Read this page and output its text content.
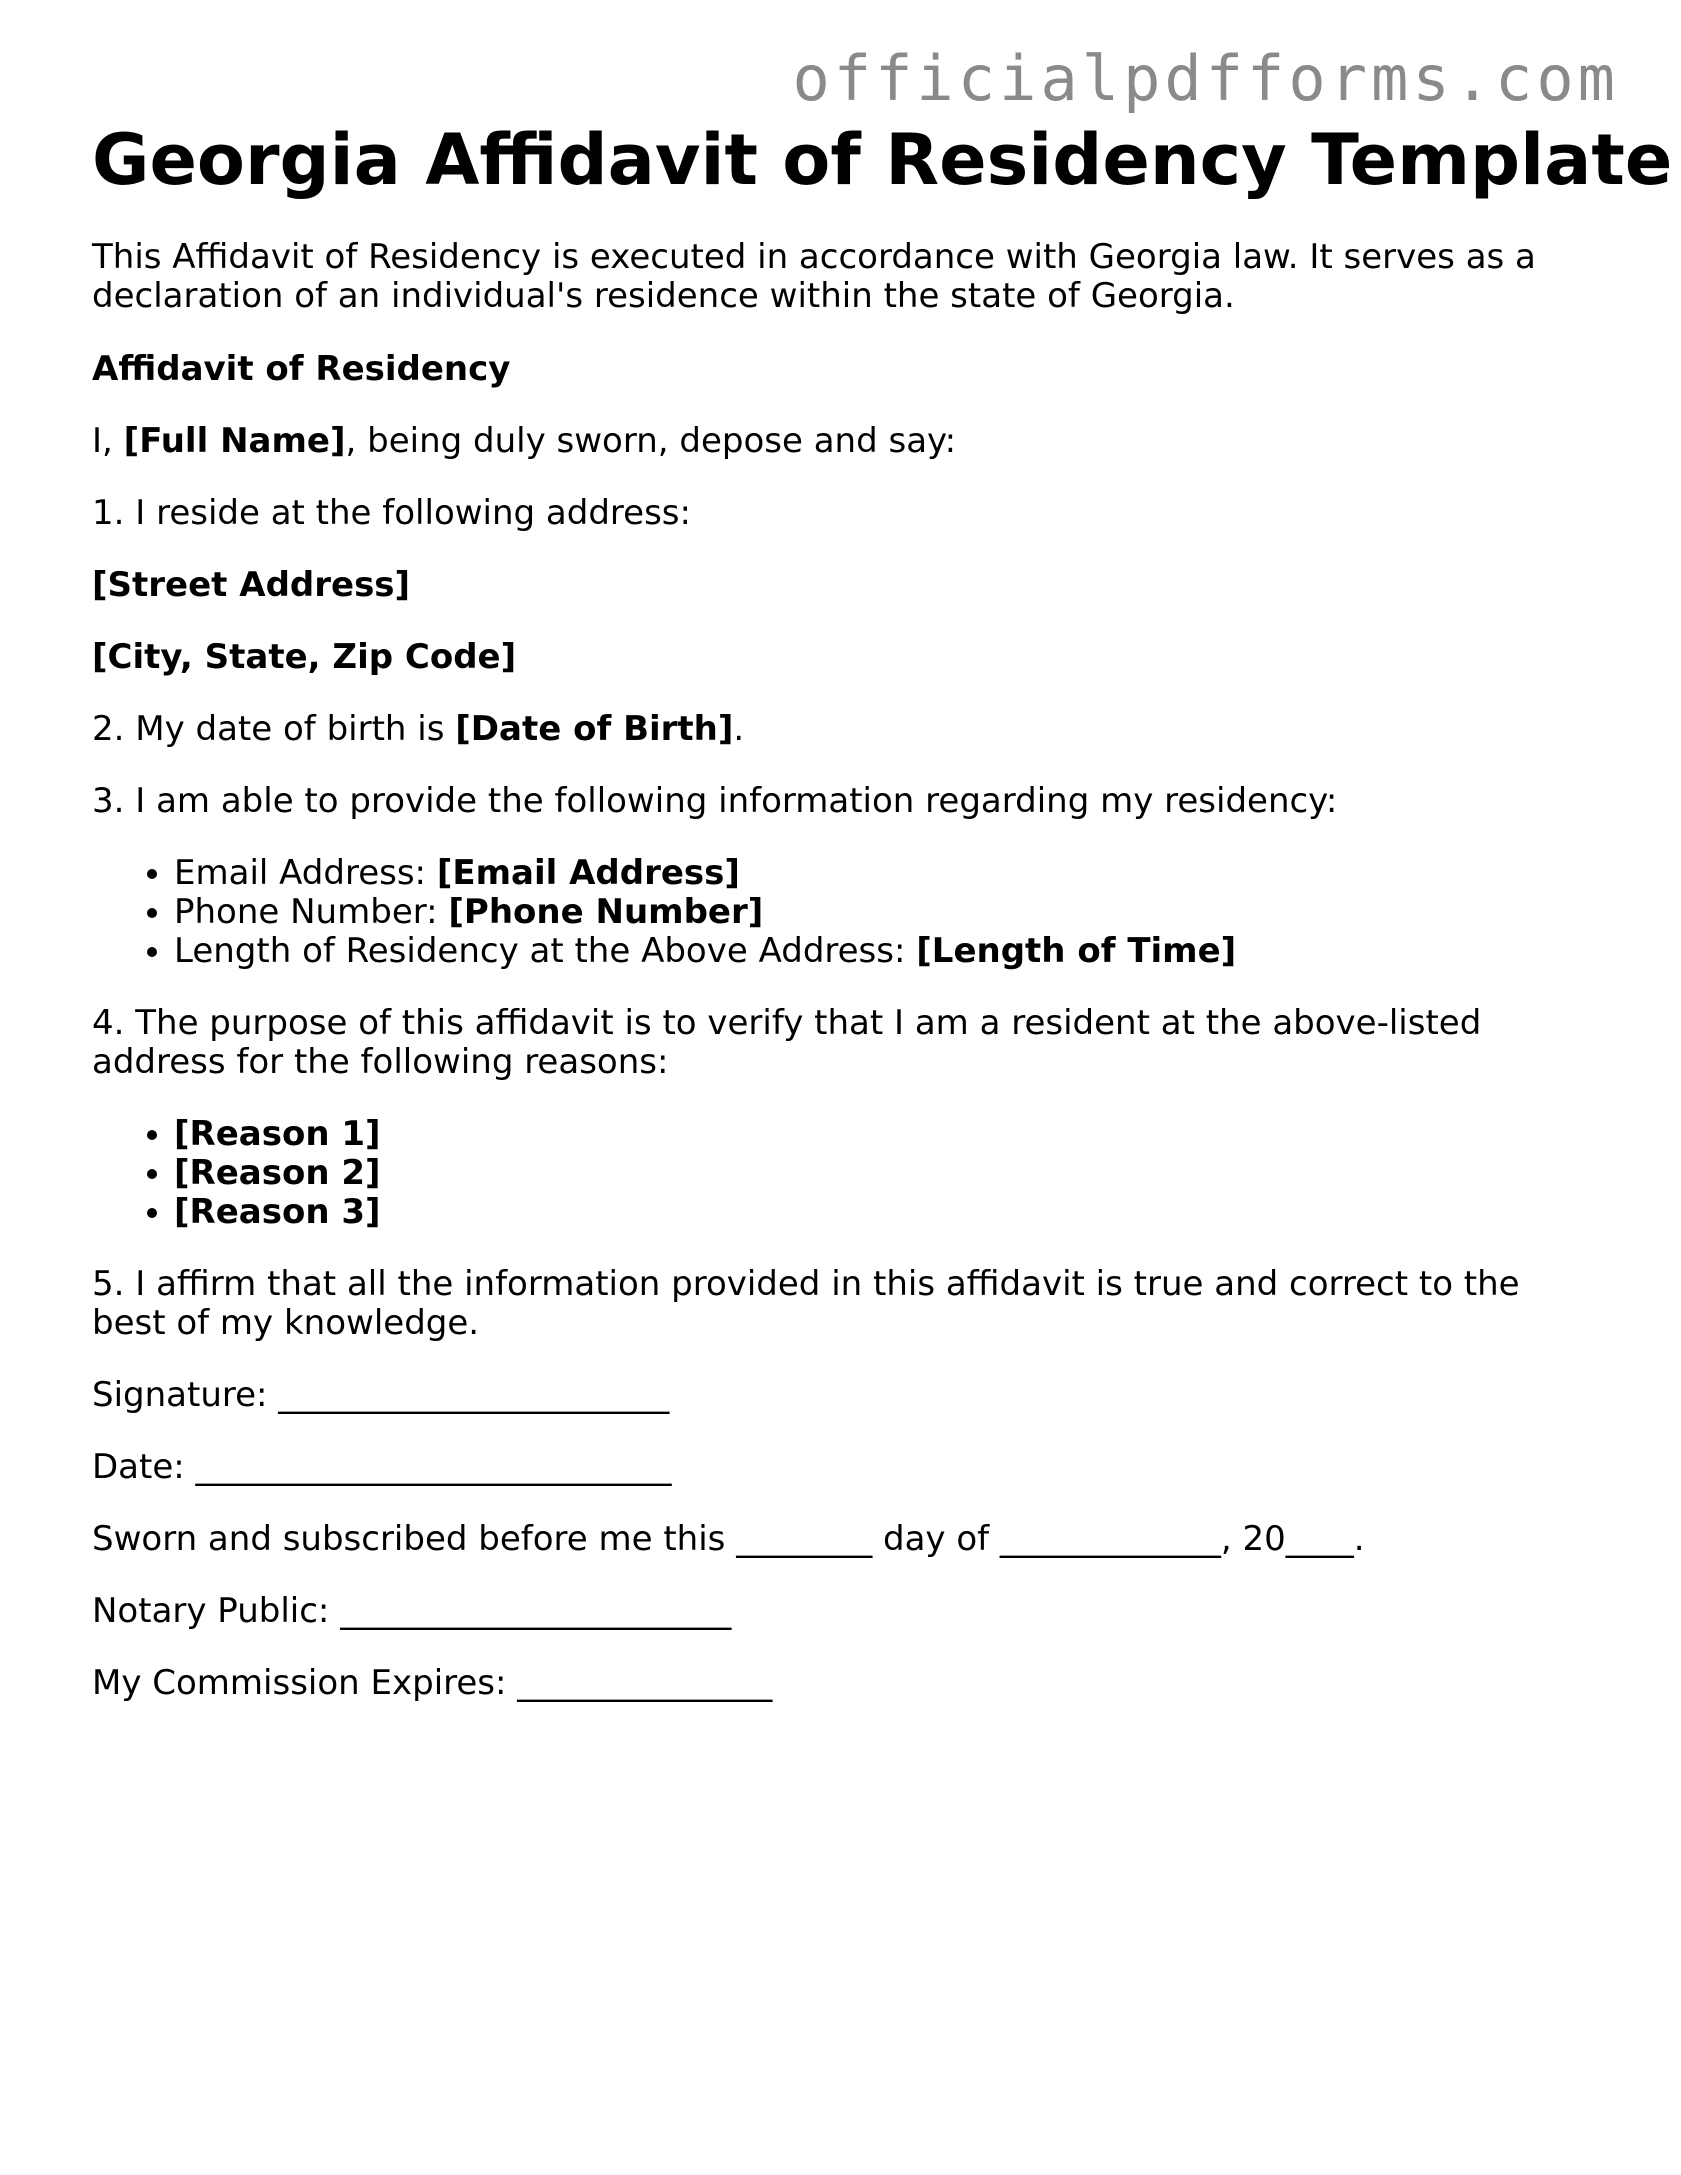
officialpdfforms.com
Georgia Affidavit of Residency Template

This Affidavit of Residency is executed in accordance with Georgia law. It serves as a declaration of an individual's residence within the state of Georgia.

Affidavit of Residency

I, [Full Name], being duly sworn, depose and say:

1. I reside at the following address:

[Street Address]

[City, State, Zip Code]

2. My date of birth is [Date of Birth].

3. I am able to provide the following information regarding my residency:

• Email Address: [Email Address]
• Phone Number: [Phone Number]
• Length of Residency at the Above Address: [Length of Time]

4. The purpose of this affidavit is to verify that I am a resident at the above-listed address for the following reasons:

• [Reason 1]
• [Reason 2]
• [Reason 3]

5. I affirm that all the information provided in this affidavit is true and correct to the best of my knowledge.

Signature: _______________________

Date: ____________________________

Sworn and subscribed before me this ________ day of _____________, 20____.

Notary Public: _______________________

My Commission Expires: _______________
